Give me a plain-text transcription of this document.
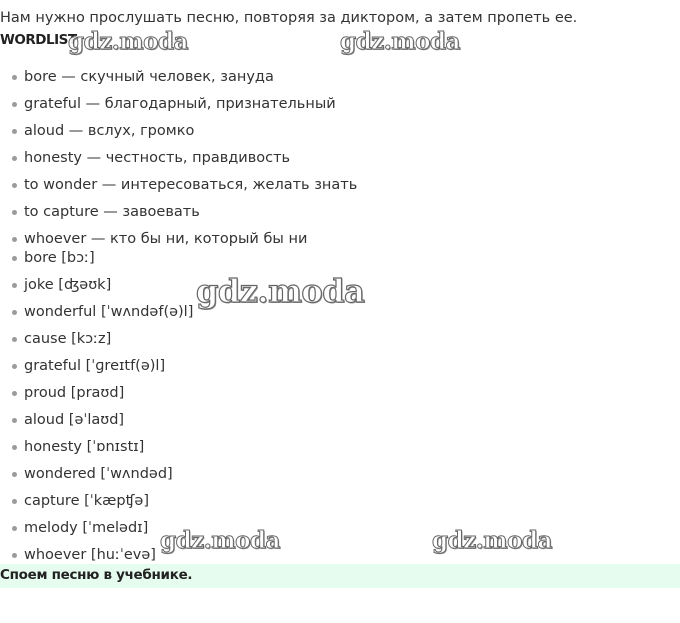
Нам нужно прослушать песню, повторяя за диктором, а затем пропеть ее.
WORDLIST
bore — скучный человек, зануда
grateful — благодарный, признательный
aloud — вслух, громко
honesty — честность, правдивость
to wonder — интересоваться, желать знать
to capture — завоевать
whoever — кто бы ни, который бы ни
bore [bɔː]
joke [ʤəʊk]
wonderful [ˈwʌndəf(ə)l]
cause [kɔːz]
grateful [ˈɡreɪtf(ə)l]
proud [praʊd]
aloud [əˈlaʊd]
honesty [ˈɒnɪstɪ]
wondered [ˈwʌndəd]
capture [ˈkæpʧə]
melody [ˈmelədɪ]
whoever [huːˈevə]
gdz.moda	gdz.moda
gdz.moda
Споем песню в учебнике.
gdz.moda	gdz.moda
